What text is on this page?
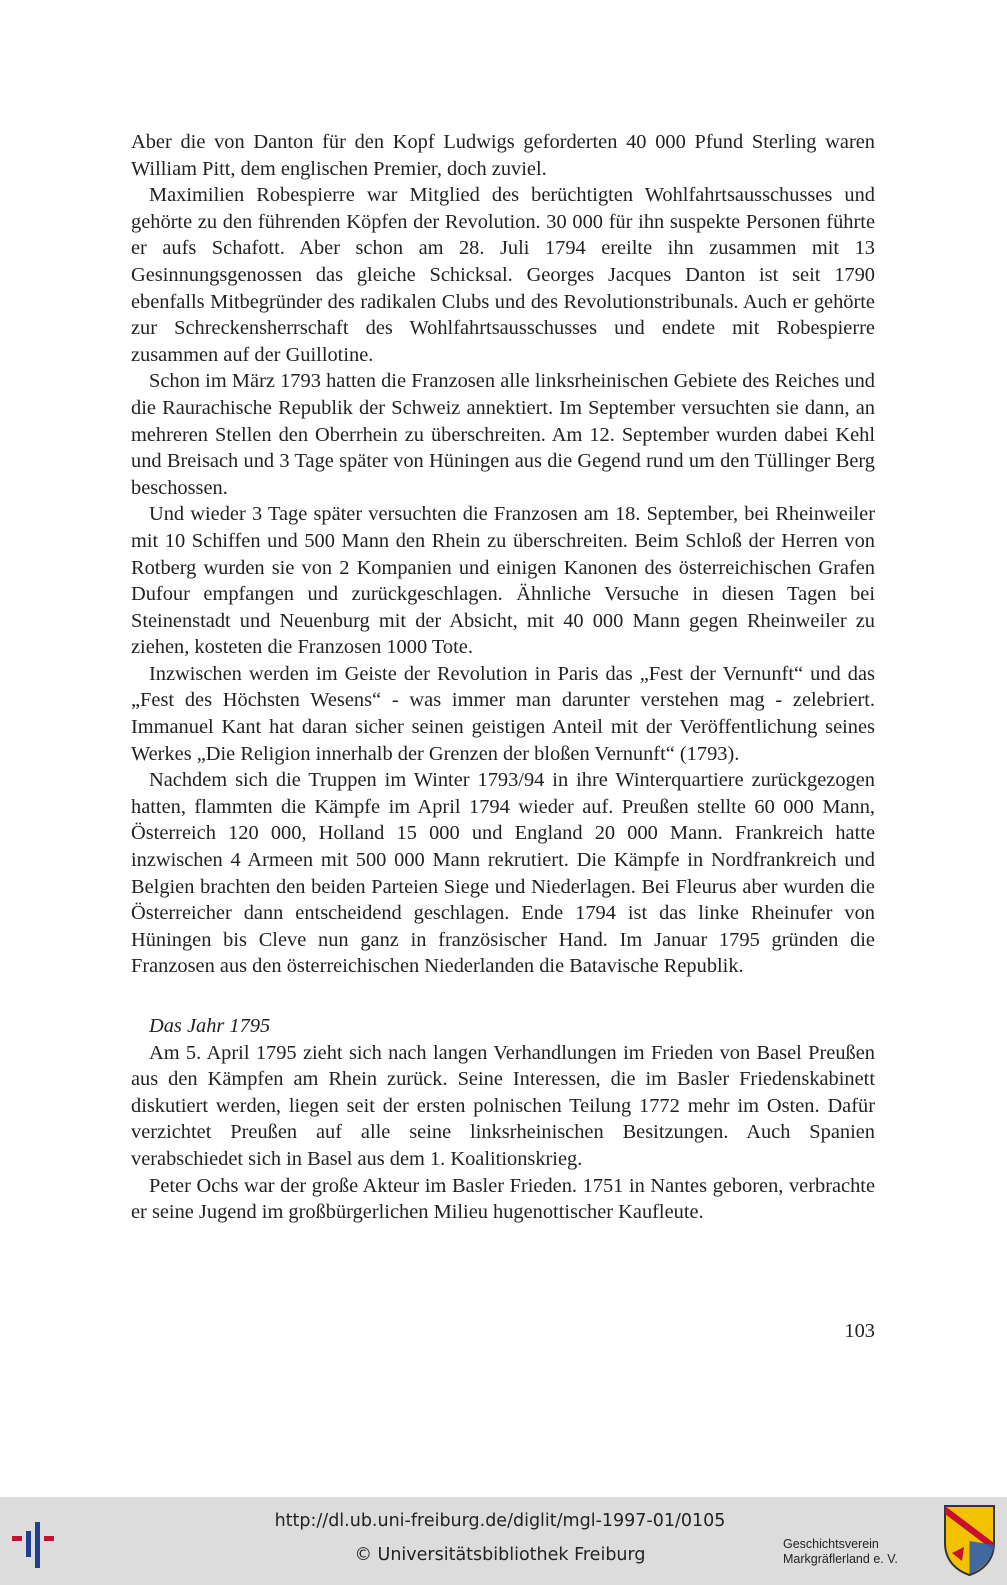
Aber die von Danton für den Kopf Ludwigs geforderten 40 000 Pfund Sterling waren William Pitt, dem englischen Premier, doch zuviel.

Maximilien Robespierre war Mitglied des berüchtigten Wohlfahrtsausschusses und gehörte zu den führenden Köpfen der Revolution. 30 000 für ihn suspekte Personen führte er aufs Schafott. Aber schon am 28. Juli 1794 ereilte ihn zusammen mit 13 Gesinnungsgenossen das gleiche Schicksal. Georges Jacques Danton ist seit 1790 ebenfalls Mitbegründer des radikalen Clubs und des Revolutionstribunals. Auch er gehörte zur Schreckensherrschaft des Wohlfahrtsausschusses und endete mit Robespierre zusammen auf der Guillotine.

Schon im März 1793 hatten die Franzosen alle linksrheinischen Gebiete des Reiches und die Raurachische Republik der Schweiz annektiert. Im September versuchten sie dann, an mehreren Stellen den Oberrhein zu überschreiten. Am 12. September wurden dabei Kehl und Breisach und 3 Tage später von Hüningen aus die Gegend rund um den Tüllinger Berg beschossen.

Und wieder 3 Tage später versuchten die Franzosen am 18. September, bei Rheinweiler mit 10 Schiffen und 500 Mann den Rhein zu überschreiten. Beim Schloß der Herren von Rotberg wurden sie von 2 Kompanien und einigen Kanonen des österreichischen Grafen Dufour empfangen und zurückgeschlagen. Ähnliche Versuche in diesen Tagen bei Steinenstadt und Neuenburg mit der Absicht, mit 40 000 Mann gegen Rheinweiler zu ziehen, kosteten die Franzosen 1000 Tote.

Inzwischen werden im Geiste der Revolution in Paris das „Fest der Vernunft“ und das „Fest des Höchsten Wesens“ - was immer man darunter verstehen mag - zelebriert. Immanuel Kant hat daran sicher seinen geistigen Anteil mit der Veröffentlichung seines Werkes „Die Religion innerhalb der Grenzen der bloßen Vernunft“ (1793).

Nachdem sich die Truppen im Winter 1793/94 in ihre Winterquartiere zurückgezogen hatten, flammten die Kämpfe im April 1794 wieder auf. Preußen stellte 60 000 Mann, Österreich 120 000, Holland 15 000 und England 20 000 Mann. Frankreich hatte inzwischen 4 Armeen mit 500 000 Mann rekrutiert. Die Kämpfe in Nordfrankreich und Belgien brachten den beiden Parteien Siege und Niederlagen. Bei Fleurus aber wurden die Österreicher dann entscheidend geschlagen. Ende 1794 ist das linke Rheinufer von Hüningen bis Cleve nun ganz in französischer Hand. Im Januar 1795 gründen die Franzosen aus den österreichischen Niederlanden die Batavische Republik.

Das Jahr 1795

Am 5. April 1795 zieht sich nach langen Verhandlungen im Frieden von Basel Preußen aus den Kämpfen am Rhein zurück. Seine Interessen, die im Basler Friedenskabinett diskutiert werden, liegen seit der ersten polnischen Teilung 1772 mehr im Osten. Dafür verzichtet Preußen auf alle seine linksrheinischen Besitzungen. Auch Spanien verabschiedet sich in Basel aus dem 1. Koalitionskrieg.

Peter Ochs war der große Akteur im Basler Frieden. 1751 in Nantes geboren, verbrachte er seine Jugend im großbürgerlichen Milieu hugenottischer Kaufleute.

103
http://dl.ub.uni-freiburg.de/diglit/mgl-1997-01/0105
© Universitätsbibliothek Freiburg
Geschichtsverein
Markgräflerland e. V.
